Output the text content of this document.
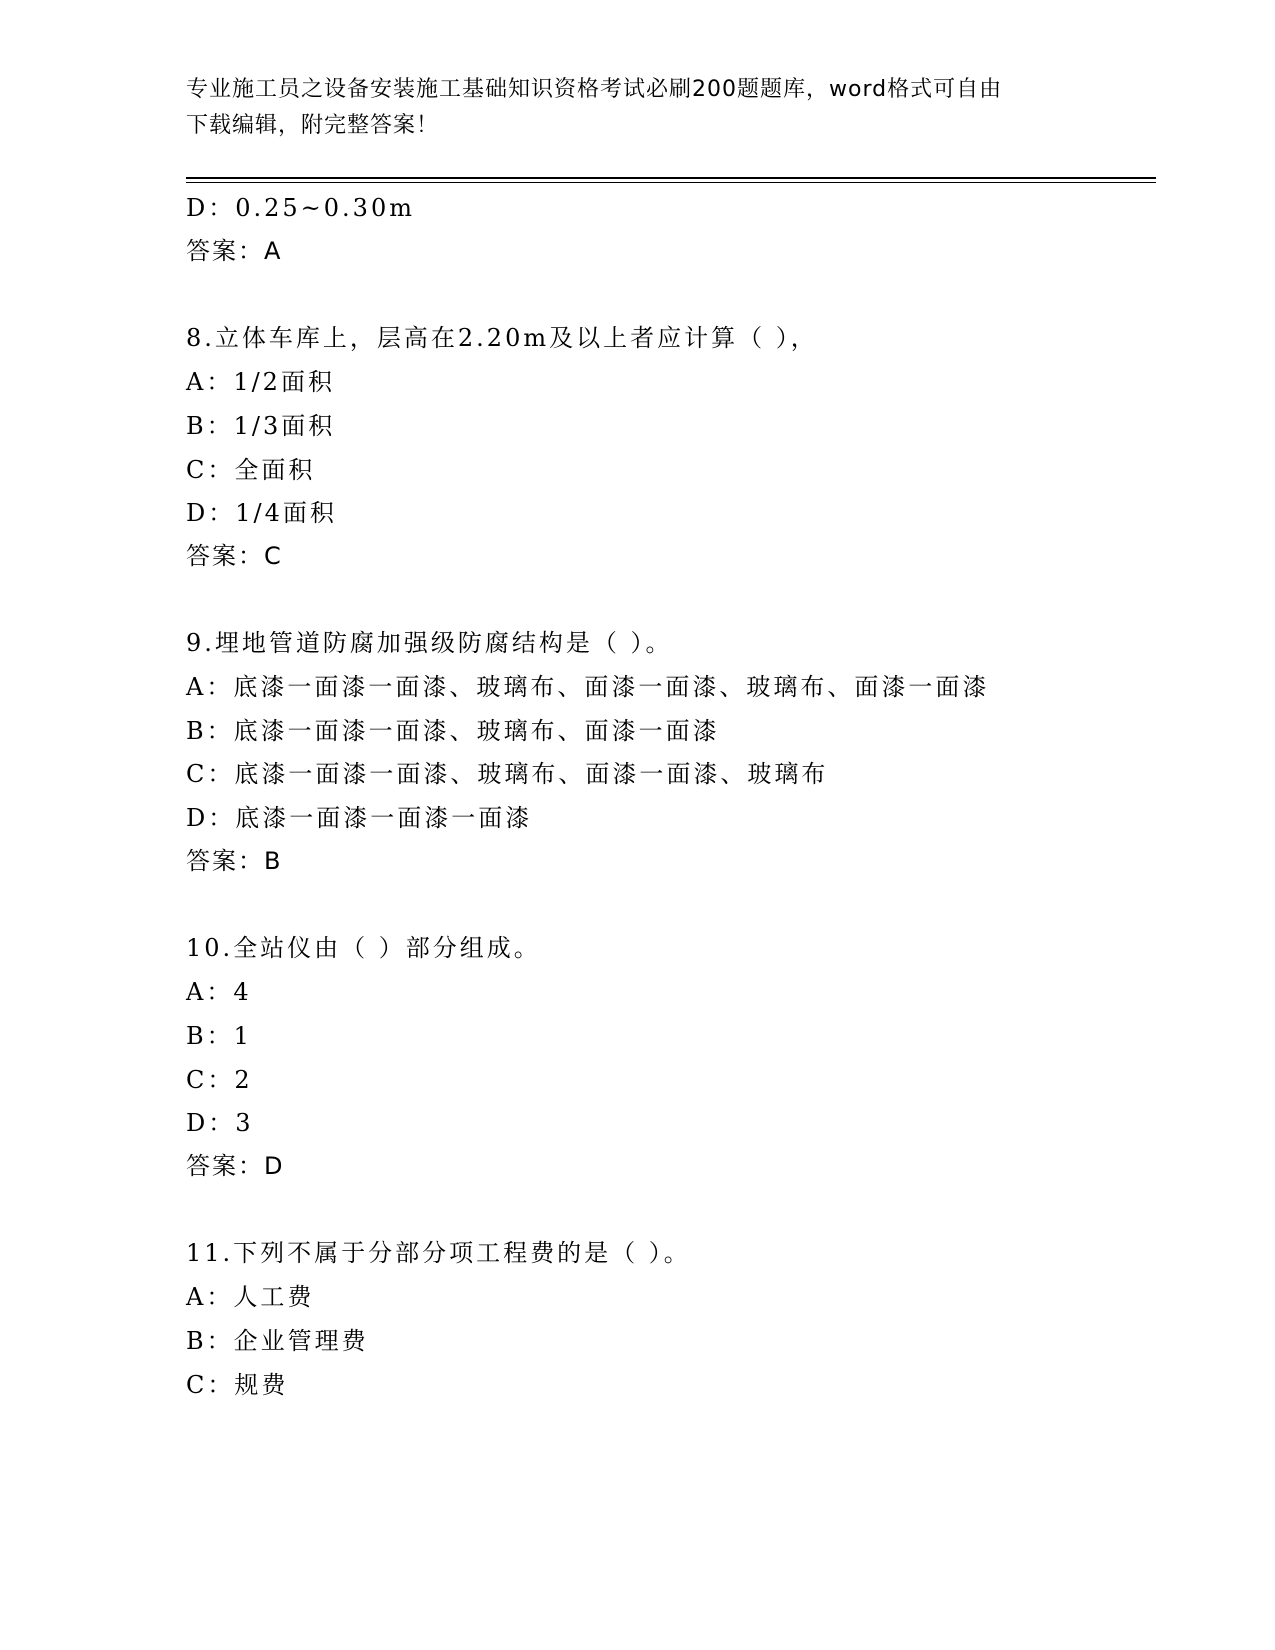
专业施工员之设备安装施工基础知识资格考试必刷200题题库，word格式可自由
下载编辑，附完整答案！
D：0.25~0.30m
答案：A
8.立体车库上，层高在2.20m及以上者应计算（ ），
A：1/2面积
B：1/3面积
C：全面积
D：1/4面积
答案：C
9.埋地管道防腐加强级防腐结构是（ ）。
A：底漆一面漆一面漆、玻璃布、面漆一面漆、玻璃布、面漆一面漆
B：底漆一面漆一面漆、玻璃布、面漆一面漆
C：底漆一面漆一面漆、玻璃布、面漆一面漆、玻璃布
D：底漆一面漆一面漆一面漆
答案：B
10.全站仪由（ ）部分组成。
A：4
B：1
C：2
D：3
答案：D
11.下列不属于分部分项工程费的是（ ）。
A：人工费
B：企业管理费
C：规费
